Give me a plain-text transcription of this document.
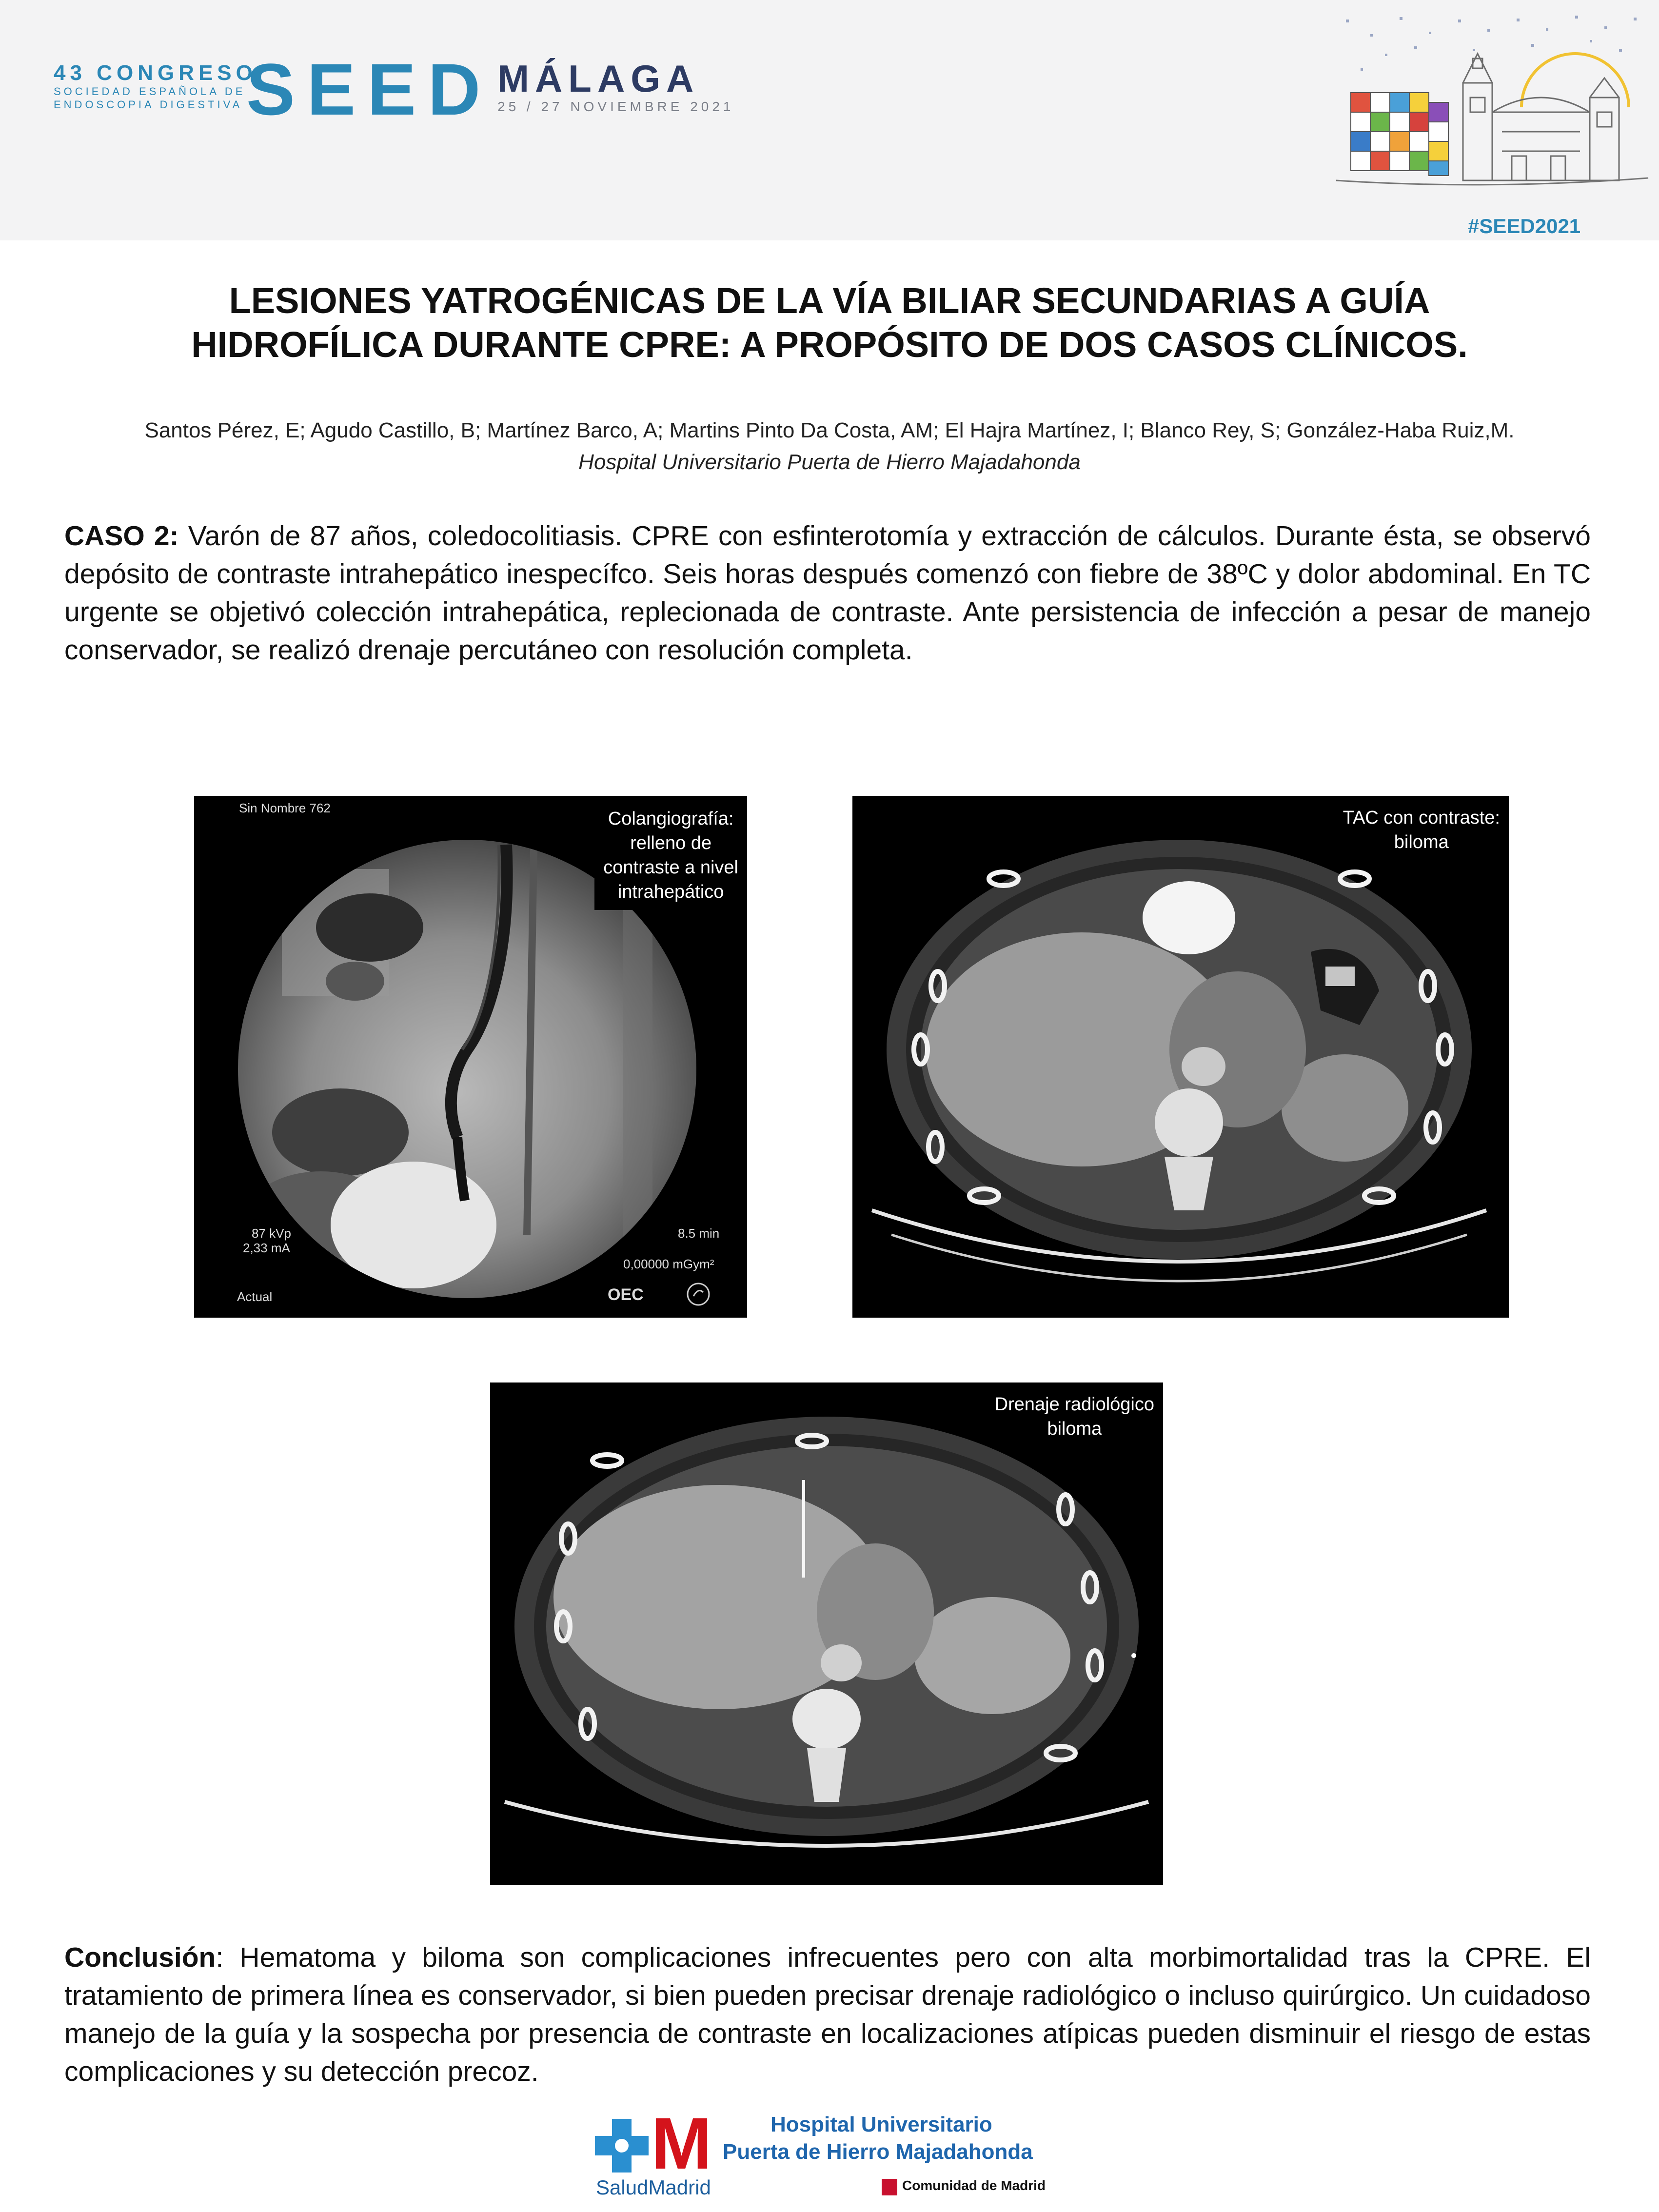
43 CONGRESO
SOCIEDAD ESPAÑOLA DE
ENDOSCOPIA DIGESTIVA SEED MÁLAGA
25 / 27 NOVIEMBRE 2021
#SEED2021
LESIONES YATROGÉNICAS DE LA VÍA BILIAR SECUNDARIAS A GUÍA
HIDROFÍLICA DURANTE CPRE: A PROPÓSITO DE DOS CASOS CLÍNICOS.
Santos Pérez, E; Agudo Castillo, B; Martínez Barco, A; Martins Pinto Da Costa, AM; El Hajra Martínez, I; Blanco Rey, S; González-Haba Ruiz,M.
Hospital Universitario Puerta de Hierro Majadahonda
CASO 2: Varón de 87 años, coledocolitiasis. CPRE con esfinterotomía y extracción de cálculos. Durante ésta, se observó depósito de contraste intrahepático inespecífco. Seis horas después comenzó con fiebre de 38ºC y dolor abdominal. En TC urgente se objetivó colección intrahepática, replecionada de contraste. Ante persistencia de infección a pesar de manejo conservador, se realizó drenaje percutáneo con resolución completa.
Sin Nombre 762
87 kVp
2,33 mA
8.5 min
0,00000 mGym²
Actual	OEC
Colangiografía:
relleno de
contraste a nivel
intrahepático
TAC con contraste:
biloma
Drenaje radiológico
biloma
Conclusión: Hematoma y biloma son complicaciones infrecuentes pero con alta morbimortalidad tras la CPRE. El tratamiento de primera línea es conservador, si bien pueden precisar drenaje radiológico o incluso quirúrgico. Un cuidadoso manejo de la guía y la sospecha por presencia de contraste en localizaciones atípicas pueden disminuir el riesgo de estas complicaciones y su detección precoz.
M
SaludMadrid
Hospital Universitario
Puerta de Hierro Majadahonda
Comunidad de Madrid
